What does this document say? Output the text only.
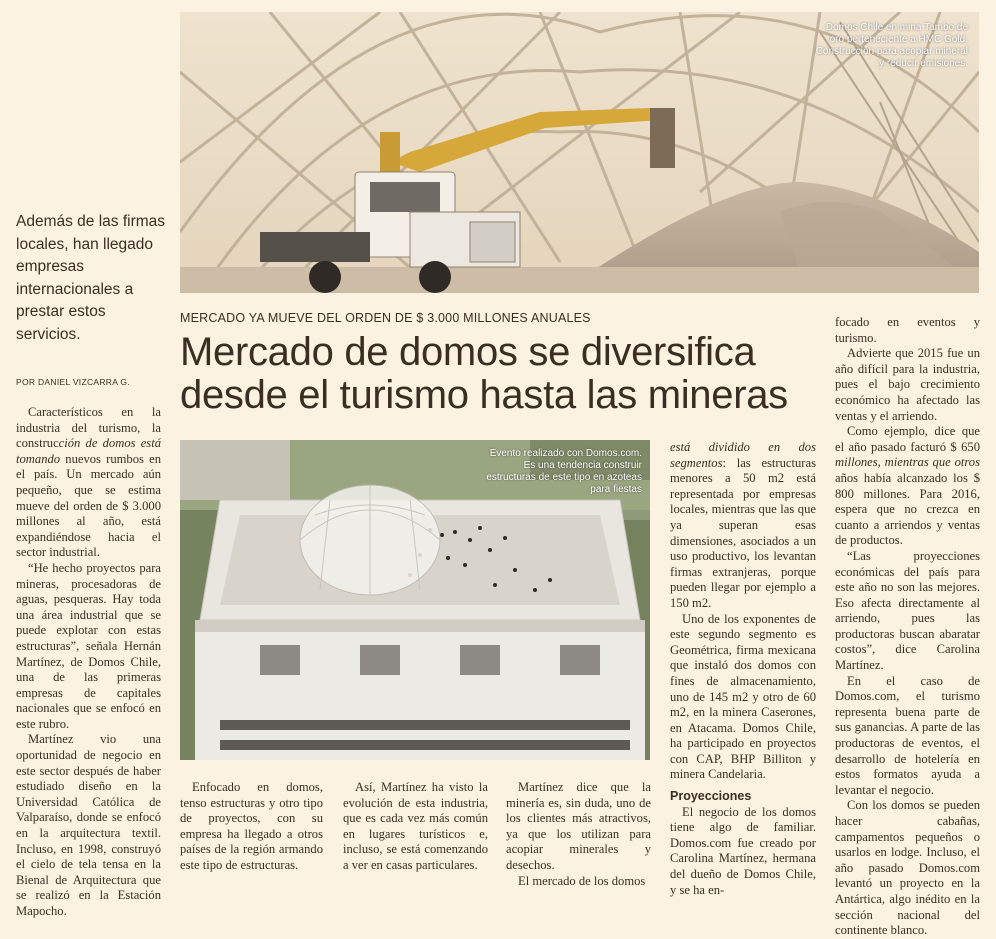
Domos Chile en mina Tambo de oro perteneciente a HMC Gold. Construcción para acopiar mineral y reducir emisiones.
Además de las firmas locales, han llegado empresas internacionales a prestar estos servicios.
POR DANIEL VIZCARRA G.
MERCADO YA MUEVE DEL ORDEN DE $ 3.000 MILLONES ANUALES
Mercado de domos se diversifica desde el turismo hasta las mineras
Evento realizado con Domos.com. Es una tendencia construir estructuras de este tipo en azoteas para fiestas

Característicos en la industria del turismo, la construcción de domos está tomando nuevos rumbos en el país. Un mercado aún pequeño, que se estima mueve del orden de $ 3.000 millones al año, está expandiéndose hacia el sector industrial.

“He hecho proyectos para mineras, procesadoras de aguas, pesqueras. Hay toda una área industrial que se puede explotar con estas estructuras”, señala Hernán Martínez, de Domos Chile, una de las primeras empresas de capitales nacionales que se enfocó en este rubro.

Martínez vio una oportunidad de negocio en este sector después de haber estudiado diseño en la Universidad Católica de Valparaíso, donde se enfocó en la arquitectura textil. Incluso, en 1998, construyó el cielo de tela tensa en la Bienal de Arquitectura que se realizó en la Estación Mapocho.

Enfocado en domos, tenso estructuras y otro tipo de proyectos, con su empresa ha llegado a otros países de la región armando este tipo de estructuras.

Así, Martínez ha visto la evolución de esta industria, que es cada vez más común en lugares turísticos e, incluso, se está comenzando a ver en casas particulares.

Martínez dice que la minería es, sin duda, uno de los clientes más atractivos, ya que los utilizan para acopiar minerales y desechos.

El mercado de los domos

está dividido en dos segmentos: las estructuras menores a 50 m2 está representada por empresas locales, mientras que las que ya superan esas dimensiones, asociados a un uso productivo, los levantan firmas extranjeras, porque pueden llegar por ejemplo a 150 m2.

Uno de los exponentes de este segundo segmento es Geométrica, firma mexicana que instaló dos domos con fines de almacenamiento, uno de 145 m2 y otro de 60 m2, en la minera Caserones, en Atacama. Domos Chile, ha participado en proyectos con CAP, BHP Billiton y minera Candelaria.

Proyecciones

El negocio de los domos tiene algo de familiar. Domos.com fue creado por Carolina Martínez, hermana del dueño de Domos Chile, y se ha en-

focado en eventos y turismo.

Advierte que 2015 fue un año difícil para la industria, pues el bajo crecimiento económico ha afectado las ventas y el arriendo.

Como ejemplo, dice que el año pasado facturó $ 650 millones, mientras que otros años había alcanzado los $ 800 millones. Para 2016, espera que no crezca en cuanto a arriendos y ventas de productos.

“Las proyecciones económicas del país para este año no son las mejores. Eso afecta directamente al arriendo, pues las productoras buscan abaratar costos”, dice Carolina Martínez.

En el caso de Domos.com, el turismo representa buena parte de sus ganancias. A parte de las productoras de eventos, el desarrollo de hotelería en estos formatos ayuda a levantar el negocio.

Con los domos se pueden hacer cabañas, campamentos pequeños o usarlos en lodge. Incluso, el año pasado Domos.com levantó un proyecto en la Antártica, algo inédito en la sección nacional del continente blanco.
